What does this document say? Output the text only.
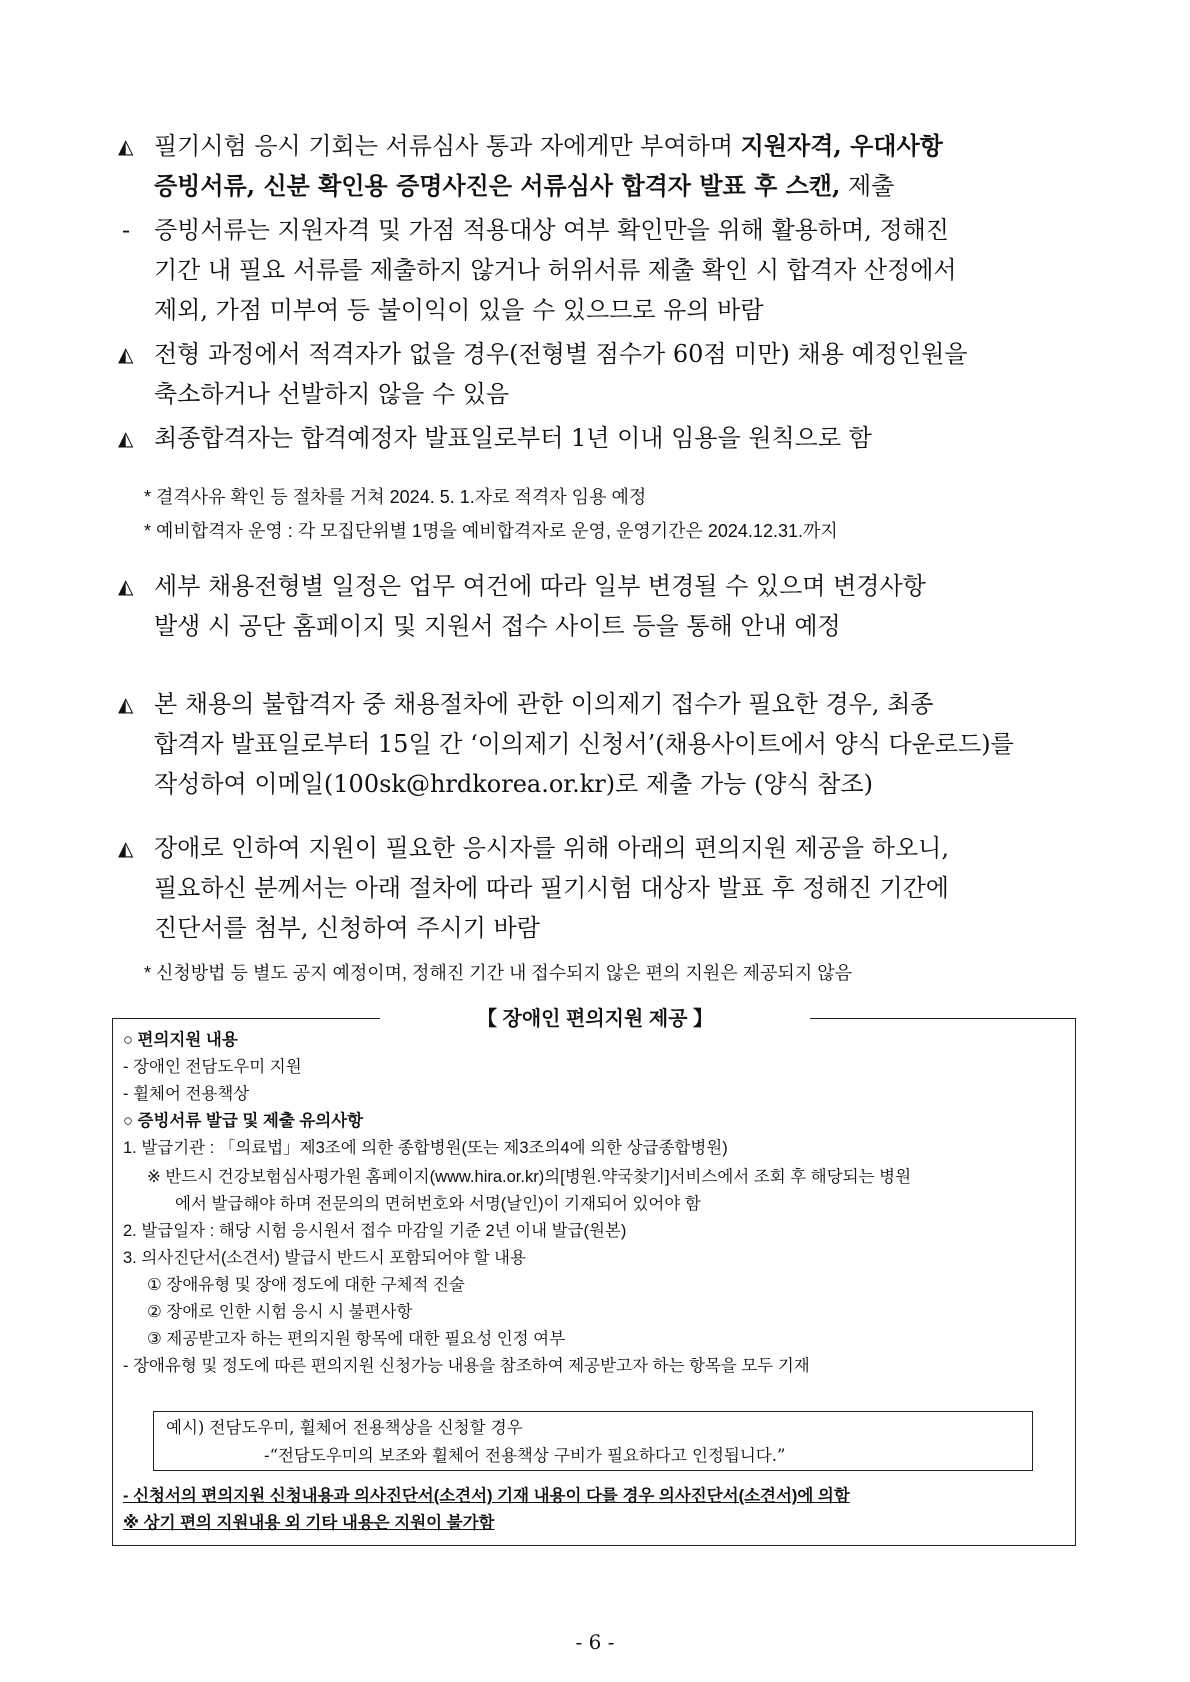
◭ 필기시험 응시 기회는 서류심사 통과 자에게만 부여하며 지원자격, 우대사항
증빙서류, 신분 확인용 증명사진은 서류심사 합격자 발표 후 스캔, 제출
- 증빙서류는 지원자격 및 가점 적용대상 여부 확인만을 위해 활용하며, 정해진
기간 내 필요 서류를 제출하지 않거나 허위서류 제출 확인 시 합격자 산정에서
제외, 가점 미부여 등 불이익이 있을 수 있으므로 유의 바람
◭ 전형 과정에서 적격자가 없을 경우(전형별 점수가 60점 미만) 채용 예정인원을
축소하거나 선발하지 않을 수 있음
◭ 최종합격자는 합격예정자 발표일로부터 1년 이내 임용을 원칙으로 함
* 결격사유 확인 등 절차를 거쳐 2024. 5. 1.자로 적격자 임용 예정
* 예비합격자 운영 : 각 모집단위별 1명을 예비합격자로 운영, 운영기간은 2024.12.31.까지
◭ 세부 채용전형별 일정은 업무 여건에 따라 일부 변경될 수 있으며 변경사항
발생 시 공단 홈페이지 및 지원서 접수 사이트 등을 통해 안내 예정
◭ 본 채용의 불합격자 중 채용절차에 관한 이의제기 접수가 필요한 경우, 최종
합격자 발표일로부터 15일 간 ‘이의제기 신청서’(채용사이트에서 양식 다운로드)를
작성하여 이메일(100sk@hrdkorea.or.kr)로 제출 가능 (양식 참조)
◭ 장애로 인하여 지원이 필요한 응시자를 위해 아래의 편의지원 제공을 하오니,
필요하신 분께서는 아래 절차에 따라 필기시험 대상자 발표 후 정해진 기간에
진단서를 첨부, 신청하여 주시기 바람
* 신청방법 등 별도 공지 예정이며, 정해진 기간 내 접수되지 않은 편의 지원은 제공되지 않음
○ 편의지원 내용
- 장애인 전담도우미 지원
- 휠체어 전용책상
○ 증빙서류 발급 및 제출 유의사항
1. 발급기관 : 「의료법」제3조에 의한 종합병원(또는 제3조의4에 의한 상급종합병원)
※ 반드시 건강보험심사평가원 홈페이지(www.hira.or.kr)의[병원.약국찾기]서비스에서 조회 후 해당되는 병원
에서 발급해야 하며 전문의의 면허번호와 서명(날인)이 기재되어 있어야 함
2. 발급일자 : 해당 시험 응시원서 접수 마감일 기준 2년 이내 발급(원본)
3. 의사진단서(소견서) 발급시 반드시 포함되어야 할 내용
① 장애유형 및 장애 정도에 대한 구체적 진술
② 장애로 인한 시험 응시 시 불편사항
③ 제공받고자 하는 편의지원 항목에 대한 필요성 인정 여부
- 장애유형 및 정도에 따른 편의지원 신청가능 내용을 참조하여 제공받고자 하는 항목을 모두 기재
예시) 전담도우미, 휠체어 전용책상을 신청할 경우
-“전담도우미의 보조와 휠체어 전용책상 구비가 필요하다고 인정됩니다.”
- 신청서의 편의지원 신청내용과 의사진단서(소견서) 기재 내용이 다를 경우 의사진단서(소견서)에 의함
※ 상기 편의 지원내용 외 기타 내용은 지원이 불가함
【 장애인 편의지원 제공 】
- 6 -
